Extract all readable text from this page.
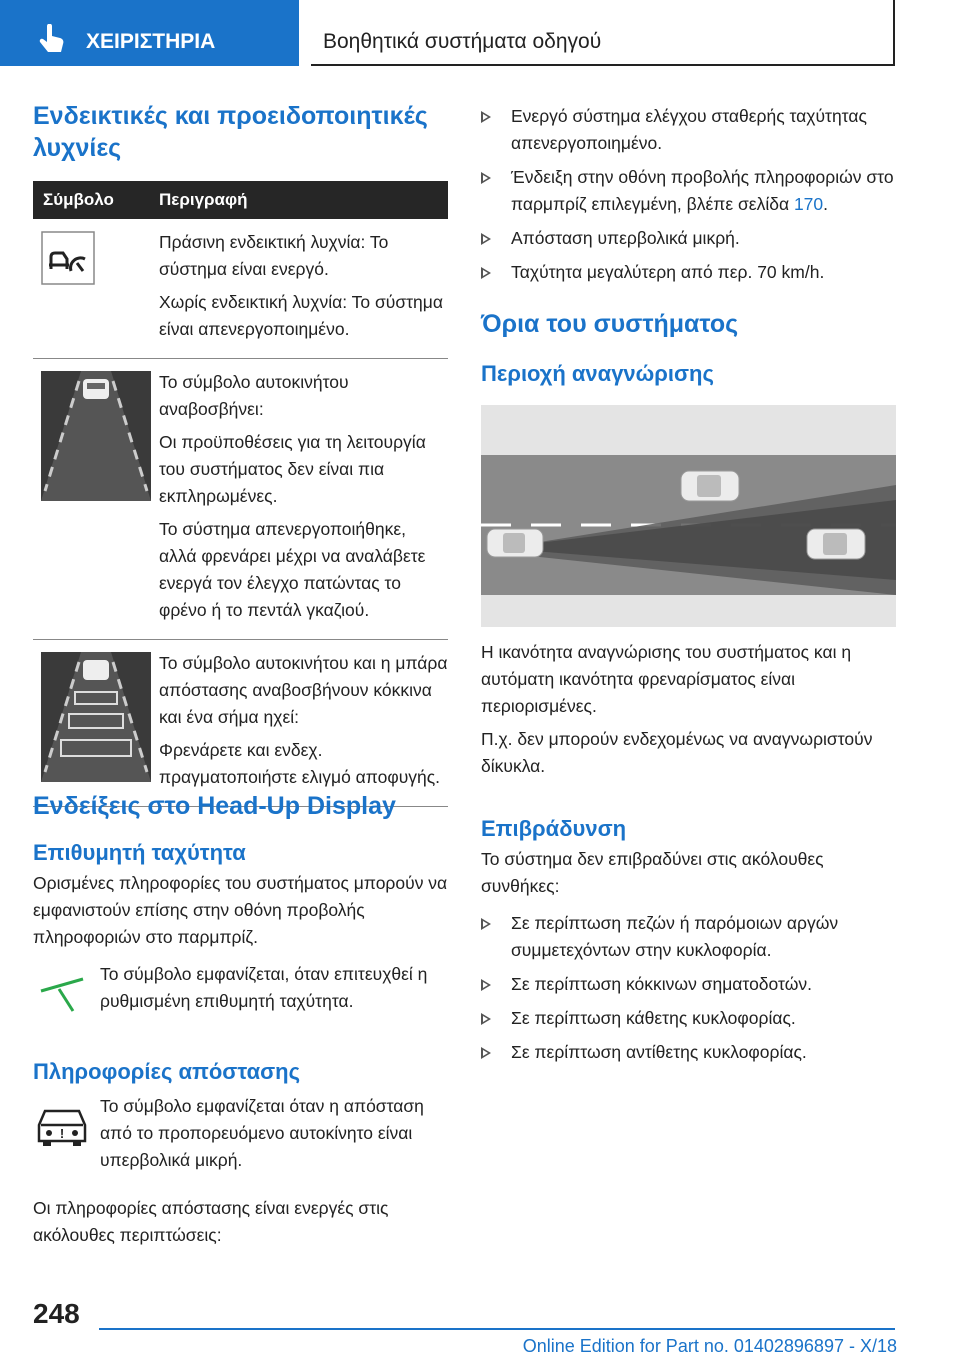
ΧΕΙΡΙΣΤΗΡΙΑ	Βοηθητικά συστήματα οδηγού
Ενδεικτικές και προειδοποιητικές λυχνίες
Σύμβολο	Περιγραφή

Πράσινη ενδεικτική λυχνία: Το σύστημα είναι ενεργό.

Χωρίς ενδεικτική λυχνία: Το σύστημα είναι απενεργοποιημένο.

Το σύμβολο αυτοκινήτου αναβοσβήνει:

Οι προϋποθέσεις για τη λειτουργία του συστήματος δεν είναι πια εκπληρωμένες.

Το σύστημα απενεργοποιήθηκε, αλλά φρενάρει μέχρι να αναλάβετε ενεργά τον έλεγχο πατώντας το φρένο ή το πεντάλ γκαζιού.

Το σύμβολο αυτοκινήτου και η μπάρα απόστασης αναβοσβήνουν κόκκινα και ένα σήμα ηχεί:

Φρενάρετε και ενδεχ. πραγματοποιήστε ελιγμό αποφυγής.

Ενδείξεις στο Head-Up Display
Επιθυμητή ταχύτητα

Ορισμένες πληροφορίες του συστήματος μπορούν να εμφανιστούν επίσης στην οθόνη προβολής πληροφοριών στο παρμπρίζ.

Το σύμβολο εμφανίζεται, όταν επιτευχθεί η ρυθμισμένη επιθυμητή ταχύτητα.

Πληροφορίες απόστασης
!

Το σύμβολο εμφανίζεται όταν η απόσταση από το προπορευόμενο αυτοκίνητο είναι υπερβολικά μικρή.

Οι πληροφορίες απόστασης είναι ενεργές στις ακόλουθες περιπτώσεις:

Ενεργό σύστημα ελέγχου σταθερής ταχύτητας απενεργοποιημένο.
Ένδειξη στην οθόνη προβολής πληροφοριών στο παρμπρίζ επιλεγμένη, βλέπε σελίδα 170.
Απόσταση υπερβολικά μικρή.
Ταχύτητα μεγαλύτερη από περ. 70 km/h.
Όρια του συστήματος
Περιοχή αναγνώρισης

Η ικανότητα αναγνώρισης του συστήματος και η αυτόματη ικανότητα φρεναρίσματος είναι περιορισμένες.

Π.χ. δεν μπορούν ενδεχομένως να αναγνωριστούν δίκυκλα.

Επιβράδυνση

Το σύστημα δεν επιβραδύνει στις ακόλουθες συνθήκες:

Σε περίπτωση πεζών ή παρόμοιων αργών συμμετεχόντων στην κυκλοφορία.
Σε περίπτωση κόκκινων σηματοδοτών.
Σε περίπτωση κάθετης κυκλοφορίας.
Σε περίπτωση αντίθετης κυκλοφορίας.
248
Online Edition for Part no. 01402896897 - X/18
